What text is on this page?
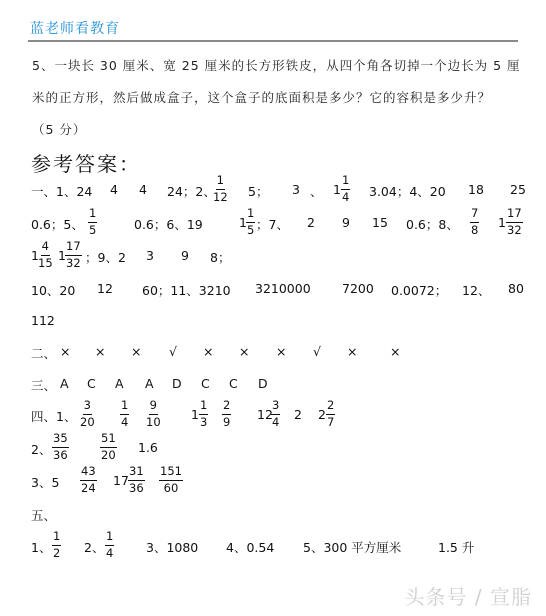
蓝老师看教育
5、一块长 30 厘米、宽 25 厘米的长方形铁皮，从四个角各切掉一个边长为 5 厘
米的正方形，然后做成盒子，这个盒子的底面积是多少？它的容积是多少升？
（5 分）
参考答案：
一、1、24 4 4 24；2、
1
12 5； 3 、 1
1
4 3.04；4、20 18 25
0.6；5、
1
5	0.6；6、19	1
1
5 ；7、 2 9 15 0.6；8、
7
8 1
17
32
1
4
15 1
17
32 ；9、2 3 9 8；
10、20 12 60；11、3210 3210000	7200 0.0072； 12、 80
112
二、 × × × √ × × × √ ×	×
三、 A C A A D C C D
四、1、
3
20
1
4
9
10 1
1
3
2
9 12
3
4 2 2
2
7
2、
35
36
51
20 1.6
3、5
43
24 17
31
36
151
60
五、
1、
1
2 2、
1
4	3、1080 4、0.54 5、300 平方厘米	1.5 升
头条号 / 宣脂
